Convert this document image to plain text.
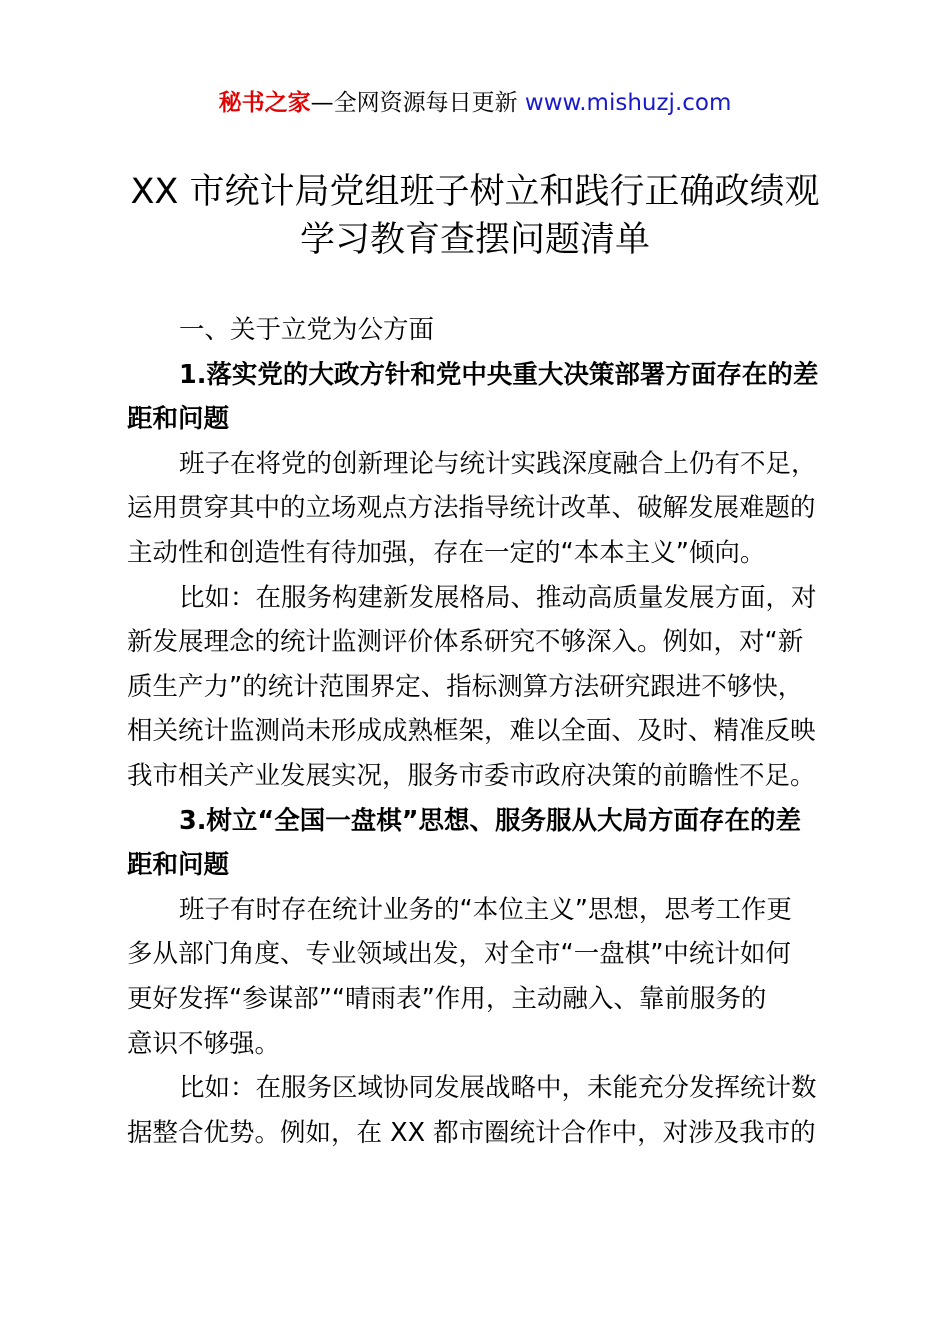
秘书之家—全网资源每日更新 www.mishuzj.com
XX 市统计局党组班子树立和践行正确政绩观
学习教育查摆问题清单
一、关于立党为公方面
1.落实党的大政方针和党中央重大决策部署方面存在的差
距和问题
班子在将党的创新理论与统计实践深度融合上仍有不足，
运用贯穿其中的立场观点方法指导统计改革、破解发展难题的
主动性和创造性有待加强，存在一定的“本本主义”倾向。
比如：在服务构建新发展格局、推动高质量发展方面，对
新发展理念的统计监测评价体系研究不够深入。例如，对“新
质生产力”的统计范围界定、指标测算方法研究跟进不够快，
相关统计监测尚未形成成熟框架，难以全面、及时、精准反映
我市相关产业发展实况，服务市委市政府决策的前瞻性不足。
3.树立“全国一盘棋”思想、服务服从大局方面存在的差
距和问题
班子有时存在统计业务的“本位主义”思想，思考工作更
多从部门角度、专业领域出发，对全市“一盘棋”中统计如何
更好发挥“参谋部”“晴雨表”作用，主动融入、靠前服务的
意识不够强。
比如：在服务区域协同发展战略中，未能充分发挥统计数
据整合优势。例如，在 XX 都市圈统计合作中，对涉及我市的
